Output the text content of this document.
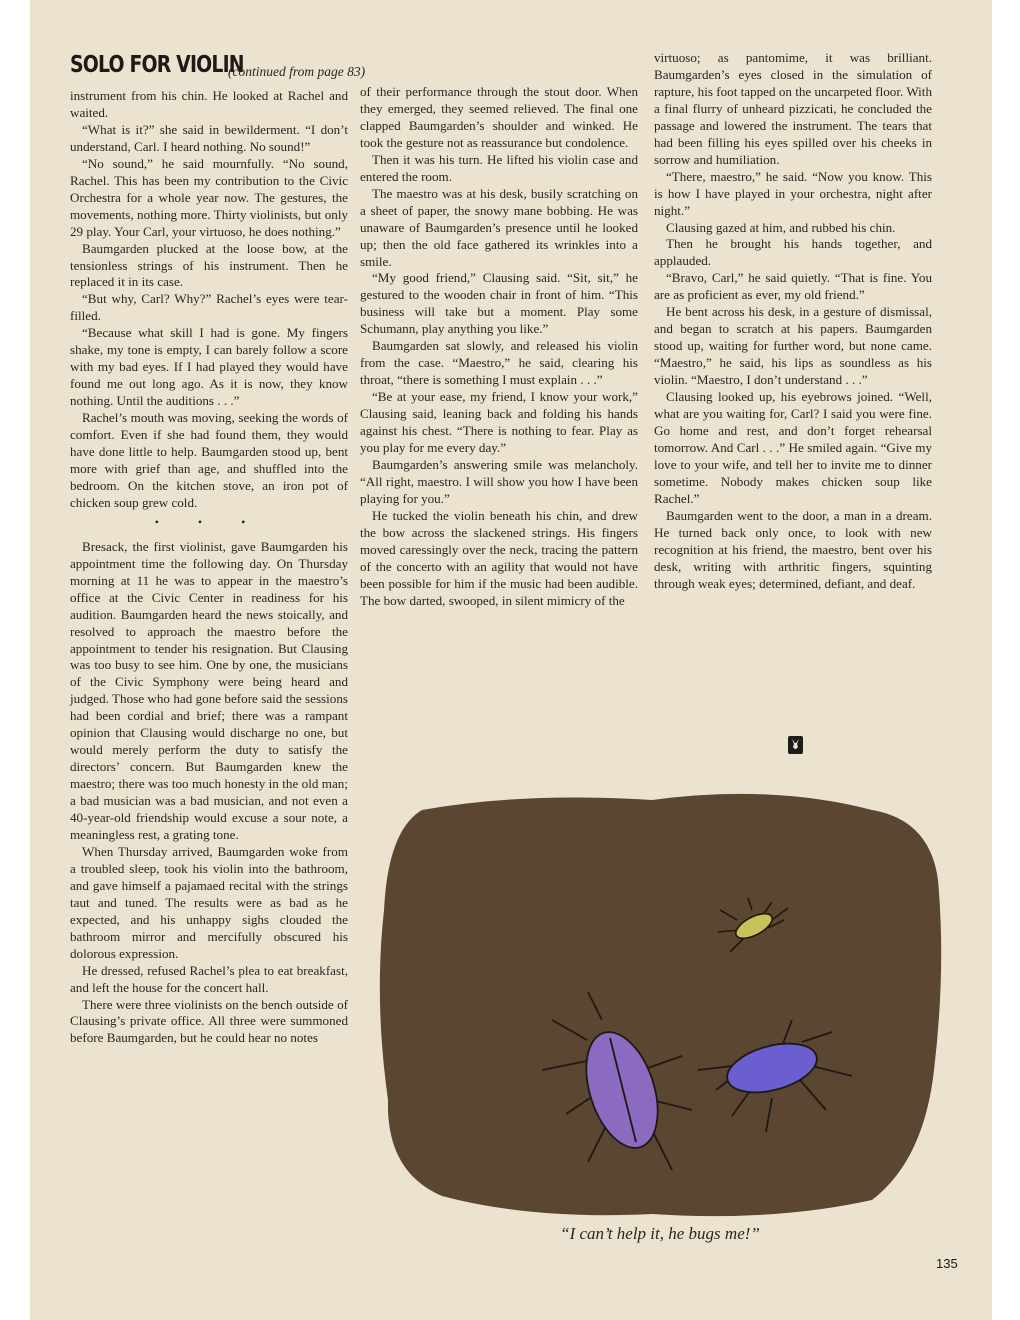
SOLO FOR VIOLIN
(continued from page 83)

instrument from his chin. He looked at Rachel and waited.

“What is it?” she said in bewilderment. “I don’t understand, Carl. I heard nothing. No sound!”

“No sound,” he said mournfully. “No sound, Rachel. This has been my contribution to the Civic Orchestra for a whole year now. The gestures, the movements, nothing more. Thirty violinists, but only 29 play. Your Carl, your virtuoso, he does nothing.”

Baumgarden plucked at the loose bow, at the tensionless strings of his instrument. Then he replaced it in its case.

“But why, Carl? Why?” Rachel’s eyes were tear-filled.

“Because what skill I had is gone. My fingers shake, my tone is empty, I can barely follow a score with my bad eyes. If I had played they would have found me out long ago. As it is now, they know nothing. Until the auditions . . .”

Rachel’s mouth was moving, seeking the words of comfort. Even if she had found them, they would have done little to help. Baumgarden stood up, bent more with grief than age, and shuffled into the bedroom. On the kitchen stove, an iron pot of chicken soup grew cold.

• • •

Bresack, the first violinist, gave Baumgarden his appointment time the following day. On Thursday morning at 11 he was to appear in the maestro’s office at the Civic Center in readiness for his audition. Baumgarden heard the news stoically, and resolved to approach the maestro before the appointment to tender his resignation. But Clausing was too busy to see him. One by one, the musicians of the Civic Symphony were being heard and judged. Those who had gone before said the sessions had been cordial and brief; there was a rampant opinion that Clausing would discharge no one, but would merely perform the duty to satisfy the directors’ concern. But Baumgarden knew the maestro; there was too much honesty in the old man; a bad musician was a bad musician, and not even a 40-year-old friendship would excuse a sour note, a meaningless rest, a grating tone.

When Thursday arrived, Baumgarden woke from a troubled sleep, took his violin into the bathroom, and gave himself a pajamaed recital with the strings taut and tuned. The results were as bad as he expected, and his unhappy sighs clouded the bathroom mirror and mercifully obscured his dolorous expression.

He dressed, refused Rachel’s plea to eat breakfast, and left the house for the concert hall.

There were three violinists on the bench outside of Clausing’s private office. All three were summoned before Baumgarden, but he could hear no notes

of their performance through the stout door. When they emerged, they seemed relieved. The final one clapped Baumgarden’s shoulder and winked. He took the gesture not as reassurance but condolence.

Then it was his turn. He lifted his violin case and entered the room.

The maestro was at his desk, busily scratching on a sheet of paper, the snowy mane bobbing. He was unaware of Baumgarden’s presence until he looked up; then the old face gathered its wrinkles into a smile.

“My good friend,” Clausing said. “Sit, sit,” he gestured to the wooden chair in front of him. “This business will take but a moment. Play some Schumann, play anything you like.”

Baumgarden sat slowly, and released his violin from the case. “Maestro,” he said, clearing his throat, “there is something I must explain . . .”

“Be at your ease, my friend, I know your work,” Clausing said, leaning back and folding his hands against his chest. “There is nothing to fear. Play as you play for me every day.”

Baumgarden’s answering smile was melancholy. “All right, maestro. I will show you how I have been playing for you.”

He tucked the violin beneath his chin, and drew the bow across the slackened strings. His fingers moved caressingly over the neck, tracing the pattern of the concerto with an agility that would not have been possible for him if the music had been audible. The bow darted, swooped, in silent mimicry of the

virtuoso; as pantomime, it was brilliant. Baumgarden’s eyes closed in the simulation of rapture, his foot tapped on the uncarpeted floor. With a final flurry of unheard pizzicati, he concluded the passage and lowered the instrument. The tears that had been filling his eyes spilled over his cheeks in sorrow and humiliation.

“There, maestro,” he said. “Now you know. This is how I have played in your orchestra, night after night.”

Clausing gazed at him, and rubbed his chin.

Then he brought his hands together, and applauded.

“Bravo, Carl,” he said quietly. “That is fine. You are as proficient as ever, my old friend.”

He bent across his desk, in a gesture of dismissal, and began to scratch at his papers. Baumgarden stood up, waiting for further word, but none came. “Maestro,” he said, his lips as soundless as his violin. “Maestro, I don’t understand . . .”

Clausing looked up, his eyebrows joined. “Well, what are you waiting for, Carl? I said you were fine. Go home and rest, and don’t forget rehearsal tomorrow. And Carl . . .” He smiled again. “Give my love to your wife, and tell her to invite me to dinner sometime. Nobody makes chicken soup like Rachel.”

Baumgarden went to the door, a man in a dream. He turned back only once, to look with new recognition at his friend, the maestro, bent over his desk, writing with arthritic fingers, squinting through weak eyes; determined, defiant, and deaf.

“I can’t help it, he bugs me!”
135
